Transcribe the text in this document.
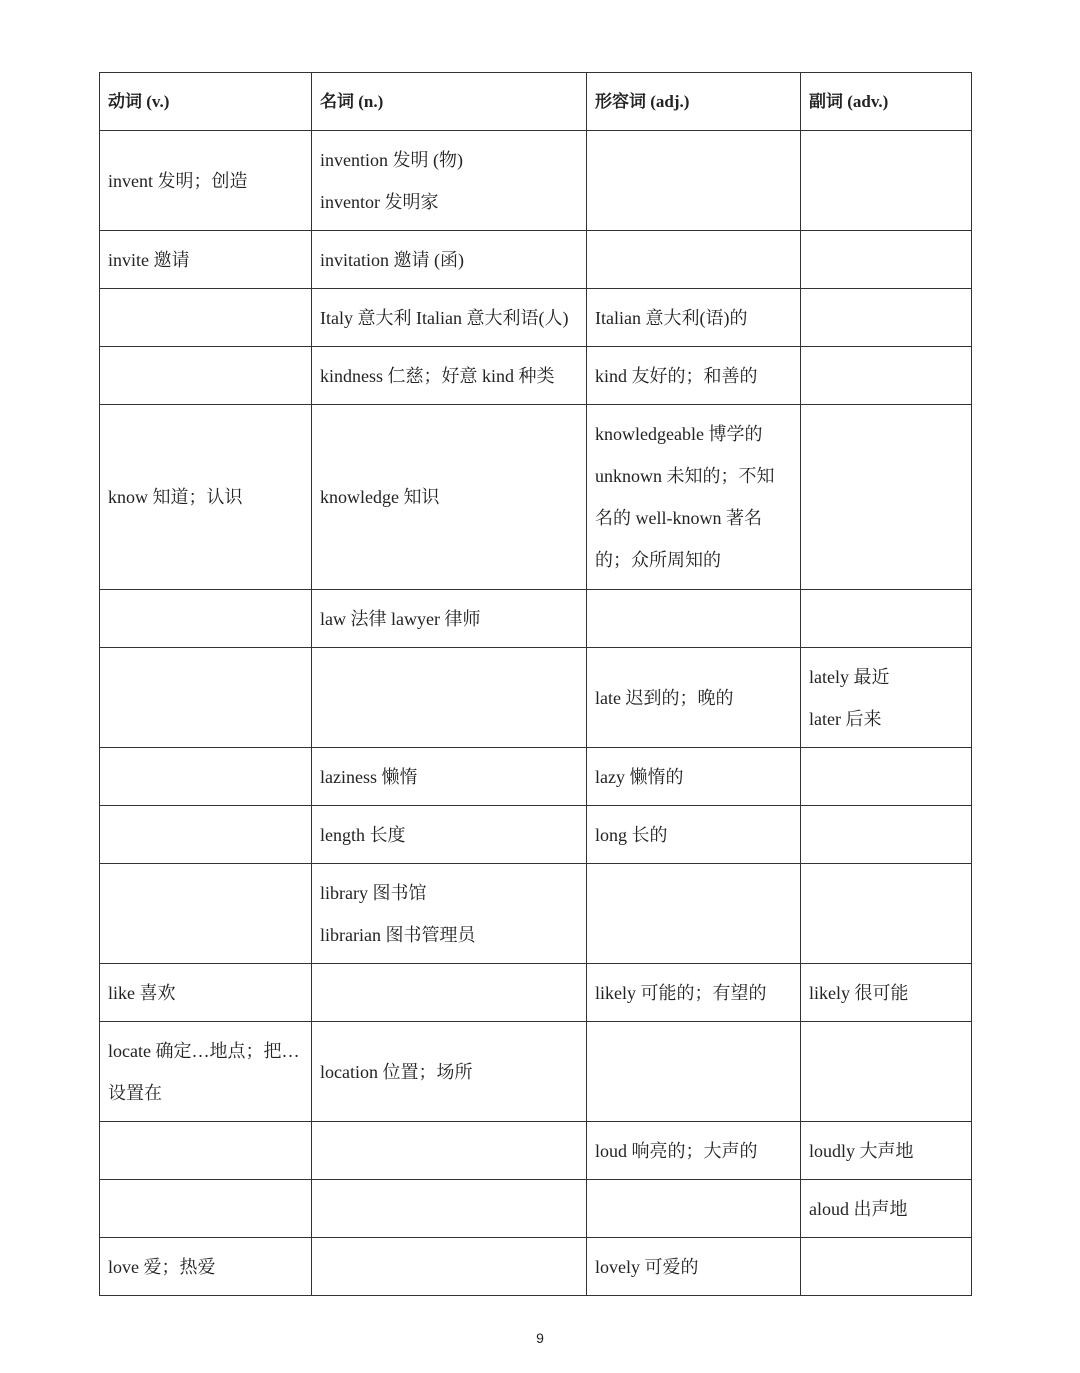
动词 (v.)	名词 (n.)	形容词 (adj.)	副词 (adv.)

invent 发明；创造	invention 发明 (物)
inventor 发明家		

invite 邀请	invitation 邀请 (函)		

	Italy 意大利 Italian 意大利语(人)	Italian 意大利(语)的	

	kindness 仁慈；好意 kind 种类	kind 友好的；和善的	

know 知道；认识	knowledge 知识	knowledgeable 博学的
unknown 未知的；不知
名的 well-known 著名
的；众所周知的	

	law 法律 lawyer 律师		

		late 迟到的；晚的	lately 最近
later 后来

	laziness 懒惰	lazy 懒惰的	

	length 长度	long 长的	

	library 图书馆
librarian 图书管理员		

like 喜欢		likely 可能的；有望的	likely 很可能

locate 确定…地点；把…
设置在	location 位置；场所		

		loud 响亮的；大声的	loudly 大声地

			aloud 出声地

love 爱；热爱		lovely 可爱的	

9
